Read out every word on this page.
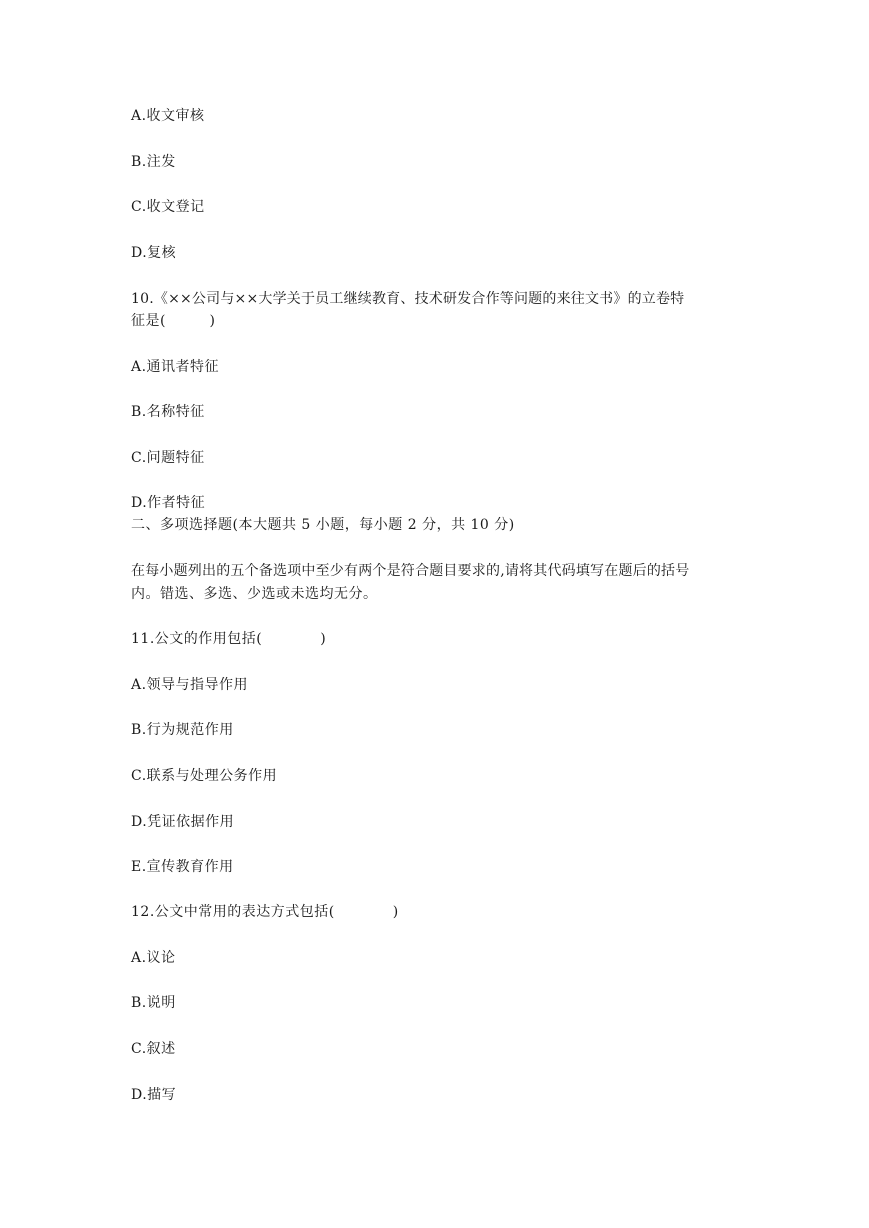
A.收文审核
B.注发
C.收文登记
D.复核
10.《××公司与××大学关于员工继续教育、技术研发合作等问题的来往文书》的立卷特
征是(　　　)
A.通讯者特征
B.名称特征
C.问题特征
D.作者特征
二、多项选择题(本大题共 5 小题，每小题 2 分，共 10 分)
在每小题列出的五个备选项中至少有两个是符合题目要求的,请将其代码填写在题后的括号
内。错选、多选、少选或未选均无分。
11.公文的作用包括(　　　　)
A.领导与指导作用
B.行为规范作用
C.联系与处理公务作用
D.凭证依据作用
E.宣传教育作用
12.公文中常用的表达方式包括(　　　　)
A.议论
B.说明
C.叙述
D.描写
